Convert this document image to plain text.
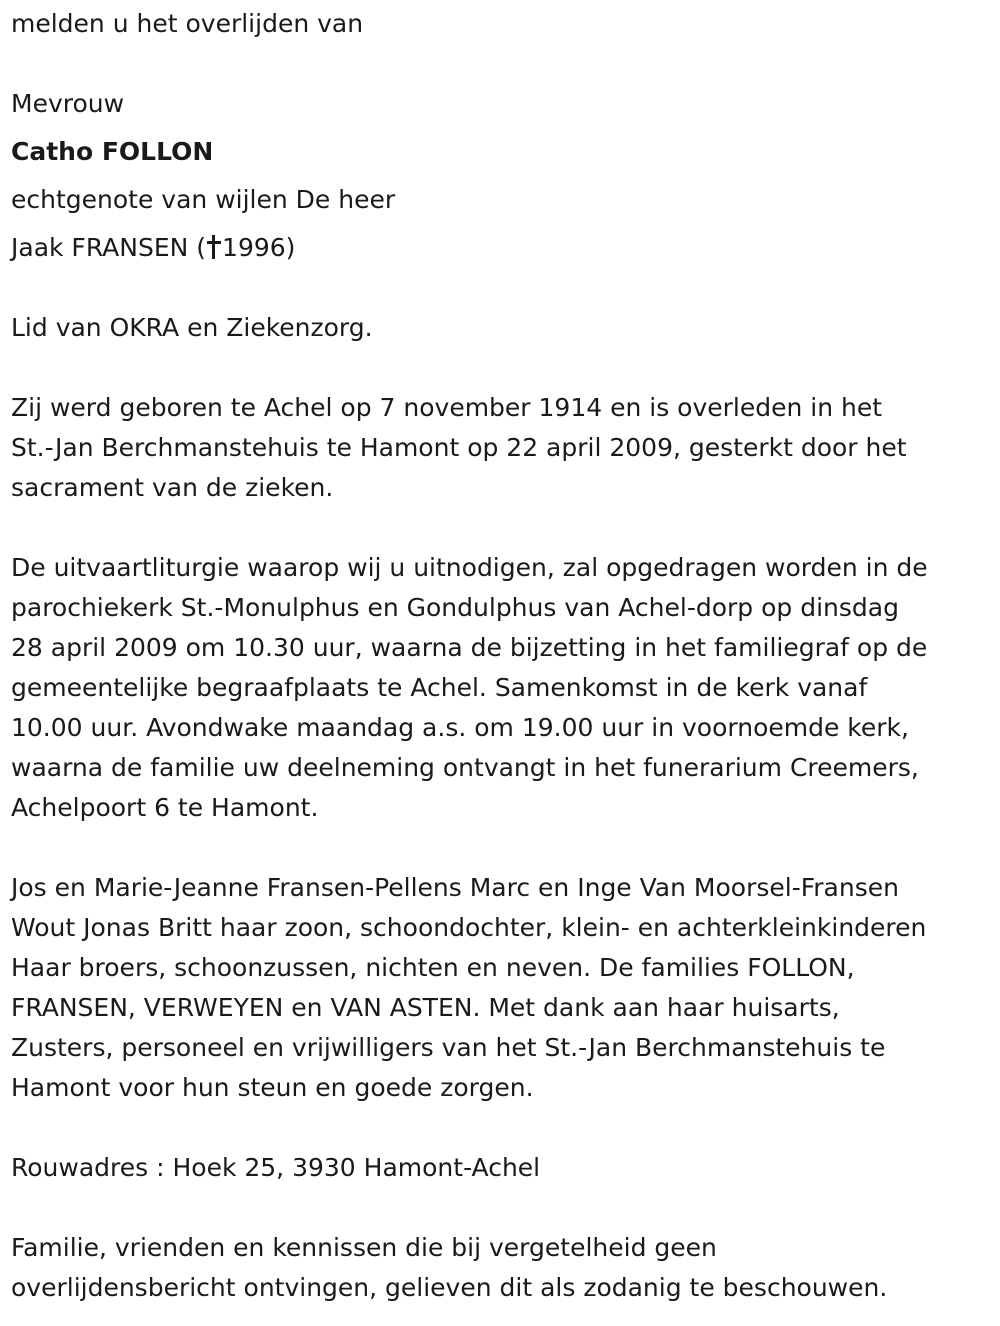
melden u het overlijden van

Mevrouw

Catho FOLLON

echtgenote van wijlen De heer

Jaak FRANSEN ( 1996)

Lid van OKRA en Ziekenzorg.

Zij werd geboren te Achel op 7 november 1914 en is overleden in het

St.-Jan Berchmanstehuis te Hamont op 22 april 2009, gesterkt door het

sacrament van de zieken.

De uitvaartliturgie waarop wij u uitnodigen, zal opgedragen worden in de

parochiekerk St.-Monulphus en Gondulphus van Achel-dorp op dinsdag

28 april 2009 om 10.30 uur, waarna de bijzetting in het familiegraf op de

gemeentelijke begraafplaats te Achel. Samenkomst in de kerk vanaf

10.00 uur. Avondwake maandag a.s. om 19.00 uur in voornoemde kerk,

waarna de familie uw deelneming ontvangt in het funerarium Creemers,

Achelpoort 6 te Hamont.

Jos en Marie-Jeanne Fransen-Pellens Marc en Inge Van Moorsel-Fransen

Wout Jonas Britt haar zoon, schoondochter, klein- en achterkleinkinderen

Haar broers, schoonzussen, nichten en neven. De families FOLLON,

FRANSEN, VERWEYEN en VAN ASTEN. Met dank aan haar huisarts,

Zusters, personeel en vrijwilligers van het St.-Jan Berchmanstehuis te

Hamont voor hun steun en goede zorgen.

Rouwadres : Hoek 25, 3930 Hamont-Achel

Familie, vrienden en kennissen die bij vergetelheid geen

overlijdensbericht ontvingen, gelieven dit als zodanig te beschouwen.
